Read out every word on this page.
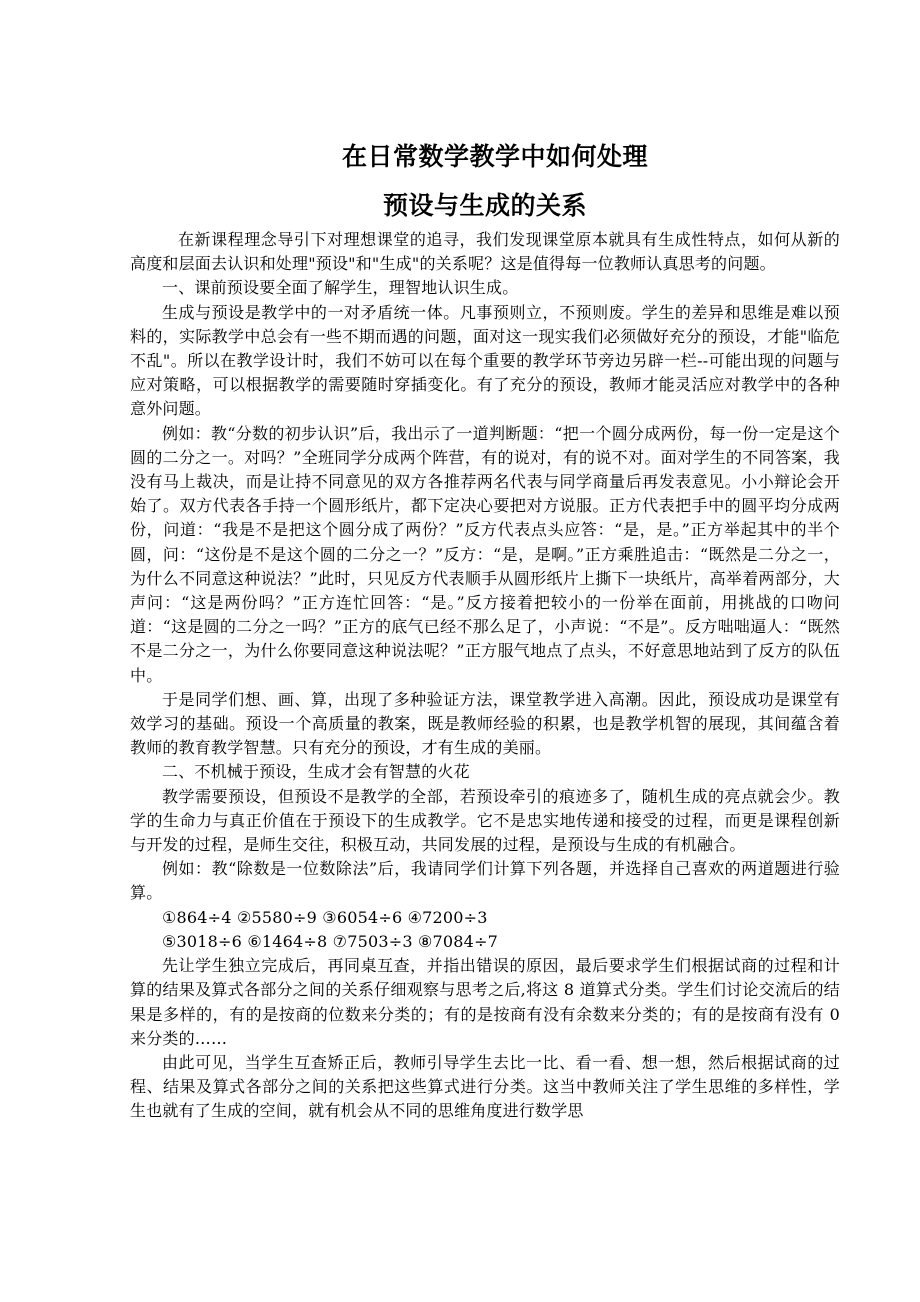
在日常数学教学中如何处理
预设与生成的关系

在新课程理念导引下对理想课堂的追寻，我们发现课堂原本就具有生成性特点，如何从新的高度和层面去认识和处理"预设"和"生成"的关系呢？这是值得每一位教师认真思考的问题。

一、课前预设要全面了解学生，理智地认识生成。

生成与预设是教学中的一对矛盾统一体。凡事预则立，不预则废。学生的差异和思维是难以预料的，实际教学中总会有一些不期而遇的问题，面对这一现实我们必须做好充分的预设，才能"临危不乱"。所以在教学设计时，我们不妨可以在每个重要的教学环节旁边另辟一栏--可能出现的问题与应对策略，可以根据教学的需要随时穿插变化。有了充分的预设，教师才能灵活应对教学中的各种意外问题。

例如：教“分数的初步认识”后，我出示了一道判断题：“把一个圆分成两份，每一份一定是这个圆的二分之一。对吗？”全班同学分成两个阵营，有的说对，有的说不对。面对学生的不同答案，我没有马上裁决，而是让持不同意见的双方各推荐两名代表与同学商量后再发表意见。小小辩论会开始了。双方代表各手持一个圆形纸片，都下定决心要把对方说服。正方代表把手中的圆平均分成两份，问道：“我是不是把这个圆分成了两份？”反方代表点头应答：“是，是。”正方举起其中的半个圆，问：“这份是不是这个圆的二分之一？”反方：“是，是啊。”正方乘胜追击：“既然是二分之一，为什么不同意这种说法？”此时，只见反方代表顺手从圆形纸片上撕下一块纸片，高举着两部分，大声问：“这是两份吗？”正方连忙回答：“是。”反方接着把较小的一份举在面前，用挑战的口吻问道：“这是圆的二分之一吗？”正方的底气已经不那么足了，小声说：“不是”。反方咄咄逼人：“既然不是二分之一，为什么你要同意这种说法呢？”正方服气地点了点头，不好意思地站到了反方的队伍中。

于是同学们想、画、算，出现了多种验证方法，课堂教学进入高潮。因此，预设成功是课堂有效学习的基础。预设一个高质量的教案，既是教师经验的积累，也是教学机智的展现，其间蕴含着教师的教育教学智慧。只有充分的预设，才有生成的美丽。

二、不机械于预设，生成才会有智慧的火花

教学需要预设，但预设不是教学的全部，若预设牵引的痕迹多了，随机生成的亮点就会少。教学的生命力与真正价值在于预设下的生成教学。它不是忠实地传递和接受的过程，而更是课程创新与开发的过程，是师生交往，积极互动，共同发展的过程，是预设与生成的有机融合。

例如：教“除数是一位数除法”后，我请同学们计算下列各题，并选择自己喜欢的两道题进行验算。

①864÷4 ②5580÷9 ③6054÷6 ④7200÷3

⑤3018÷6 ⑥1464÷8 ⑦7503÷3 ⑧7084÷7

先让学生独立完成后，再同桌互查，并指出错误的原因，最后要求学生们根据试商的过程和计算的结果及算式各部分之间的关系仔细观察与思考之后,将这 8 道算式分类。学生们讨论交流后的结果是多样的，有的是按商的位数来分类的；有的是按商有没有余数来分类的；有的是按商有没有 0 来分类的……

由此可见，当学生互查矫正后，教师引导学生去比一比、看一看、想一想，然后根据试商的过程、结果及算式各部分之间的关系把这些算式进行分类。这当中教师关注了学生思维的多样性，学生也就有了生成的空间，就有机会从不同的思维角度进行数学思
